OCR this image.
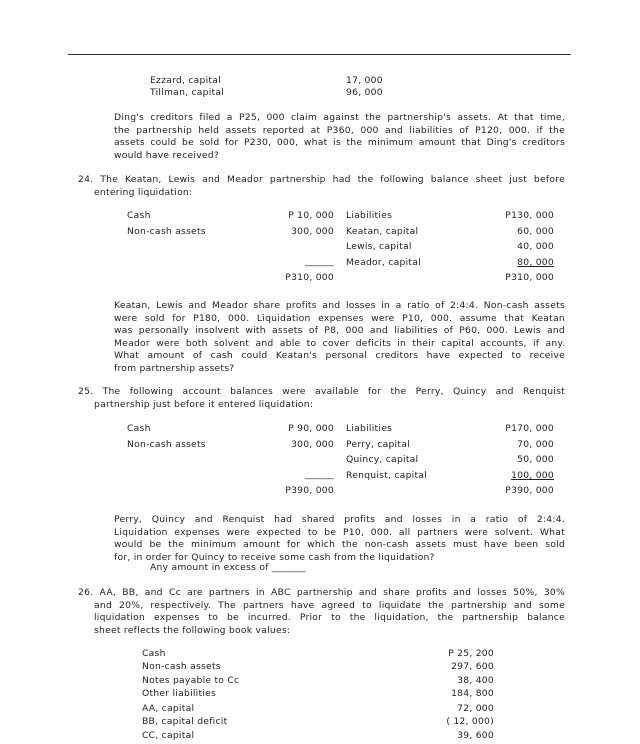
Ezzard, capital	17, 000
Tillman, capital	96, 000
Ding's creditors filed a P25, 000 claim against the partnership's assets. At that time,
the partnership held assets reported at P360, 000 and liabilities of P120, 000. if the
assets could be sold for P230, 000, what is the minimum amount that Ding's creditors
would have received?
24. The Keatan, Lewis and Meador partnership had the following balance sheet just before
entering liquidation:
Cash	P 10, 000 Liabilities	P130, 000
Non-cash assets	300, 000 Keatan, capital	60, 000
Lewis, capital	40, 000
______ Meador, capital	80, 000
P310, 000	P310, 000
Keatan, Lewis and Meador share profits and losses in a ratio of 2:4:4. Non-cash assets
were sold for P180, 000. Liquidation expenses were P10, 000. assume that Keatan
was personally insolvent with assets of P8, 000 and liabilities of P60, 000. Lewis and
Meador were both solvent and able to cover deficits in their capital accounts, if any.
What amount of cash could Keatan's personal creditors have expected to receive
from partnership assets?
25. The following account balances were available for the Perry, Quincy and Renquist
partnership just before it entered liquidation:
Cash	P 90, 000 Liabilities	P170, 000
Non-cash assets	300, 000 Perry, capital	70, 000
Quincy, capital	50, 000
______ Renquist, capital	100, 000
P390, 000	P390, 000
Perry, Quincy and Renquist had shared profits and losses in a ratio of 2:4:4.
Liquidation expenses were expected to be P10, 000. all partners were solvent. What
would be the minimum amount for which the non-cash assets must have been sold
for, in order for Quincy to receive some cash from the liquidation?
Any amount in excess of _______
26. AA, BB, and Cc are partners in ABC partnership and share profits and losses 50%, 30%
and 20%, respectively. The partners have agreed to liquidate the partnership and some
liquidation expenses to be incurred. Prior to the liquidation, the partnership balance
sheet reflects the following book values:
Cash	P 25, 200
Non-cash assets	297, 600
Notes payable to Cc	38, 400
Other liabilities	184, 800
AA, capital	72, 000
BB, capital deficit	( 12, 000)
CC, capital	39, 600
